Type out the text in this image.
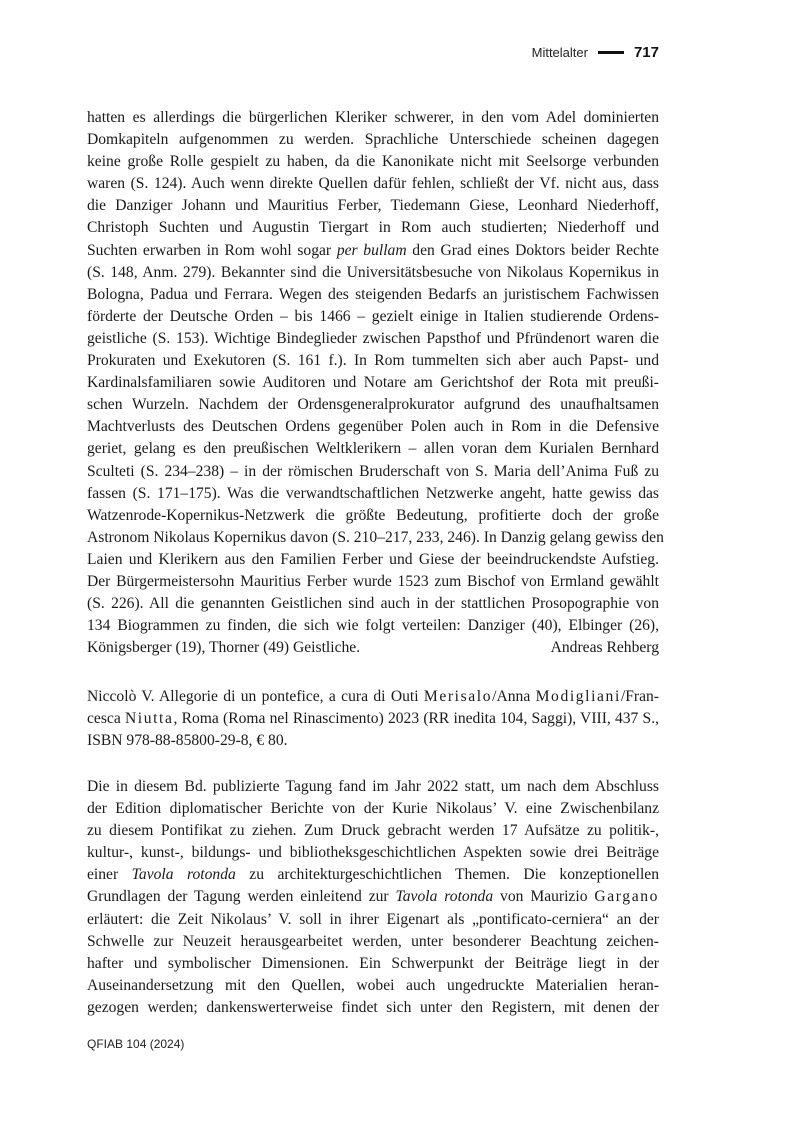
Mittelalter	717
hatten es allerdings die bürgerlichen Kleriker schwerer, in den vom Adel dominierten
Domkapiteln aufgenommen zu werden. Sprachliche Unterschiede scheinen dagegen
keine große Rolle gespielt zu haben, da die Kanonikate nicht mit Seelsorge verbunden
waren (S. 124). Auch wenn direkte Quellen dafür fehlen, schließt der Vf. nicht aus, dass
die Danziger Johann und Mauritius Ferber, Tiedemann Giese, Leonhard Niederhoff,
Christoph Suchten und Augustin Tiergart in Rom auch studierten; Niederhoff und
Suchten erwarben in Rom wohl sogar per bullam den Grad eines Doktors beider Rechte
(S. 148, Anm. 279). Bekannter sind die Universitätsbesuche von Nikolaus Kopernikus in
Bologna, Padua und Ferrara. Wegen des steigenden Bedarfs an juristischem Fachwissen
förderte der Deutsche Orden – bis 1466 – gezielt einige in Italien studierende Ordens-
geistliche (S. 153). Wichtige Bindeglieder zwischen Papsthof und Pfründenort waren die
Prokuraten und Exekutoren (S. 161 f.). In Rom tummelten sich aber auch Papst- und
Kardinalsfamiliaren sowie Auditoren und Notare am Gerichtshof der Rota mit preußi-
schen Wurzeln. Nachdem der Ordensgeneralprokurator aufgrund des unaufhaltsamen
Machtverlusts des Deutschen Ordens gegenüber Polen auch in Rom in die Defensive
geriet, gelang es den preußischen Weltklerikern – allen voran dem Kurialen Bernhard
Sculteti (S. 234–238) – in der römischen Bruderschaft von S. Maria dell’Anima Fuß zu
fassen (S. 171–175). Was die verwandtschaftlichen Netzwerke angeht, hatte gewiss das
Watzenrode-Kopernikus-Netzwerk die größte Bedeutung, profitierte doch der große
Astronom Nikolaus Kopernikus davon (S. 210–217, 233, 246). In Danzig gelang gewiss den
Laien und Klerikern aus den Familien Ferber und Giese der beeindruckendste Aufstieg.
Der Bürgermeistersohn Mauritius Ferber wurde 1523 zum Bischof von Ermland gewählt
(S. 226). All die genannten Geistlichen sind auch in der stattlichen Prosopographie von
134 Biogrammen zu finden, die sich wie folgt verteilen: Danziger (40), Elbinger (26),
Königsberger (19), Thorner (49) Geistliche.	Andreas Rehberg
Niccolò V. Allegorie di un pontefice, a cura di Outi Merisalo/Anna Modigliani/Fran-
cesca Niutta, Roma (Roma nel Rinascimento) 2023 (RR inedita 104, Saggi), VIII, 437 S.,
ISBN 978-88-85800-29-8, € 80.
Die in diesem Bd. publizierte Tagung fand im Jahr 2022 statt, um nach dem Abschluss
der Edition diplomatischer Berichte von der Kurie Nikolaus’ V. eine Zwischenbilanz
zu diesem Pontifikat zu ziehen. Zum Druck gebracht werden 17 Aufsätze zu politik-,
kultur-, kunst-, bildungs- und bibliotheksgeschichtlichen Aspekten sowie drei Beiträge
einer Tavola rotonda zu architekturgeschichtlichen Themen. Die konzeptionellen
Grundlagen der Tagung werden einleitend zur Tavola rotonda von Maurizio Gargano
erläutert: die Zeit Nikolaus’ V. soll in ihrer Eigenart als „pontificato-cerniera“ an der
Schwelle zur Neuzeit herausgearbeitet werden, unter besonderer Beachtung zeichen-
hafter und symbolischer Dimensionen. Ein Schwerpunkt der Beiträge liegt in der
Auseinandersetzung mit den Quellen, wobei auch ungedruckte Materialien heran-
gezogen werden; dankenswerterweise findet sich unter den Registern, mit denen der
QFIAB 104 (2024)
